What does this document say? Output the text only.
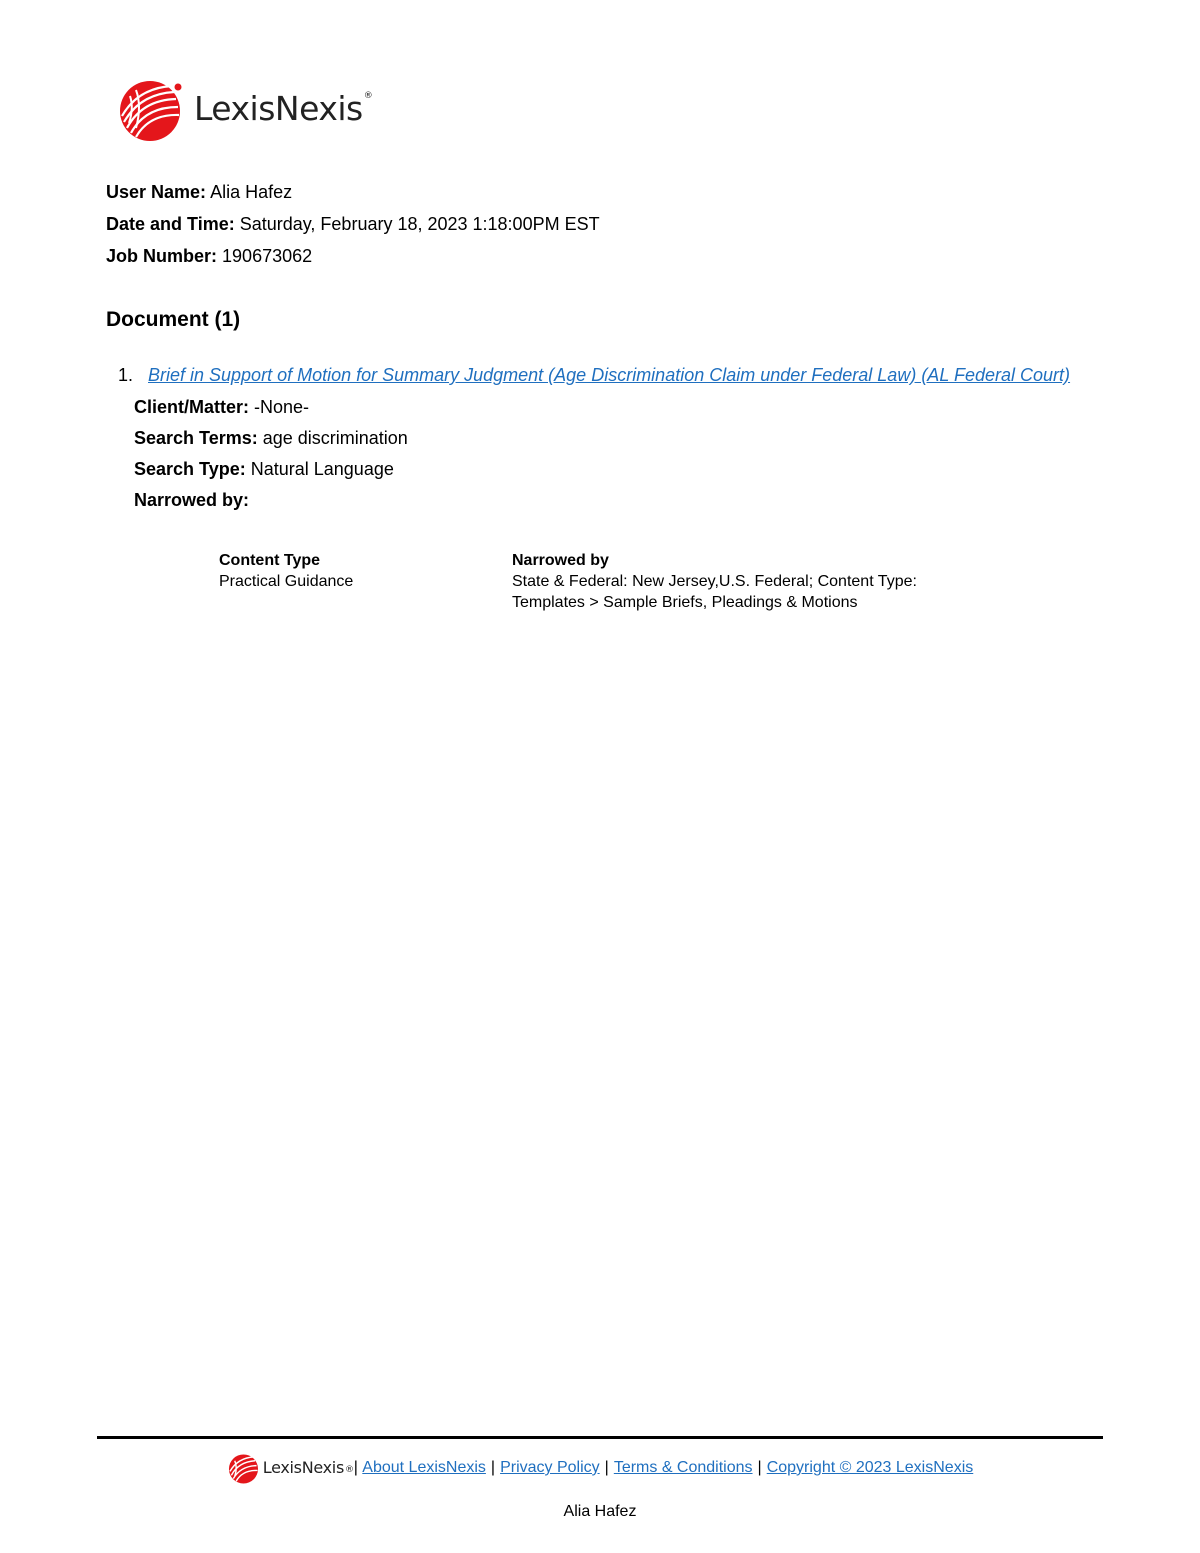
LexisNexis®
User Name: Alia Hafez
Date and Time: Saturday, February 18, 2023 1:18:00PM EST
Job Number: 190673062
Document (1)
1. Brief in Support of Motion for Summary Judgment (Age Discrimination Claim under Federal Law) (AL Federal Court)
Client/Matter: -None-
Search Terms: age discrimination
Search Type: Natural Language
Narrowed by:
Content Type
Practical Guidance
Narrowed by
State & Federal: New Jersey,U.S. Federal; Content Type:
Templates > Sample Briefs, Pleadings & Motions
LexisNexis® |
About LexisNexis | Privacy Policy | Terms & Conditions | Copyright © 2023 LexisNexis
Alia Hafez
